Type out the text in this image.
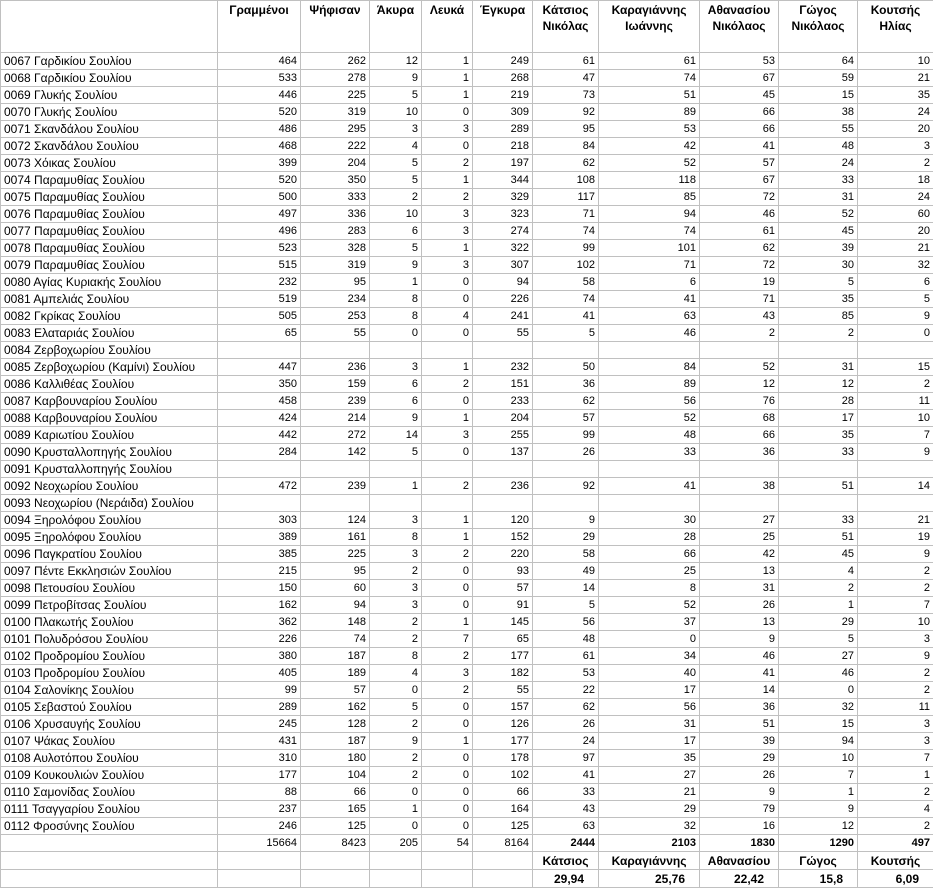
	Γραμμένοι	Ψήφισαν	Άκυρα	Λευκά	Έγκυρα	Κάτσιος Νικόλας	Καραγιάννης Ιωάννης	Αθανασίου Νικόλαος	Γώγος Νικόλαος	Κουτσής Ηλίας
0067 Γαρδικίου Σουλίου	464	262	12	1	249	61	61	53	64	10
0068 Γαρδικίου Σουλίου	533	278	9	1	268	47	74	67	59	21
0069 Γλυκής Σουλίου	446	225	5	1	219	73	51	45	15	35
0070 Γλυκής Σουλίου	520	319	10	0	309	92	89	66	38	24
0071 Σκανδάλου Σουλίου	486	295	3	3	289	95	53	66	55	20
0072 Σκανδάλου Σουλίου	468	222	4	0	218	84	42	41	48	3
0073 Χόικας Σουλίου	399	204	5	2	197	62	52	57	24	2
0074 Παραμυθίας Σουλίου	520	350	5	1	344	108	118	67	33	18
0075 Παραμυθίας Σουλίου	500	333	2	2	329	117	85	72	31	24
0076 Παραμυθίας Σουλίου	497	336	10	3	323	71	94	46	52	60
0077 Παραμυθίας Σουλίου	496	283	6	3	274	74	74	61	45	20
0078 Παραμυθίας Σουλίου	523	328	5	1	322	99	101	62	39	21
0079 Παραμυθίας Σουλίου	515	319	9	3	307	102	71	72	30	32
0080 Αγίας Κυριακής Σουλίου	232	95	1	0	94	58	6	19	5	6
0081 Αμπελιάς Σουλίου	519	234	8	0	226	74	41	71	35	5
0082 Γκρίκας Σουλίου	505	253	8	4	241	41	63	43	85	9
0083 Ελαταριάς Σουλίου	65	55	0	0	55	5	46	2	2	0
0084 Ζερβοχωρίου Σουλίου										
0085 Ζερβοχωρίου (Καμίνι) Σουλίου	447	236	3	1	232	50	84	52	31	15
0086 Καλλιθέας Σουλίου	350	159	6	2	151	36	89	12	12	2
0087 Καρβουναρίου Σουλίου	458	239	6	0	233	62	56	76	28	11
0088 Καρβουναρίου Σουλίου	424	214	9	1	204	57	52	68	17	10
0089 Καριωτίου Σουλίου	442	272	14	3	255	99	48	66	35	7
0090 Κρυσταλλοπηγής Σουλίου	284	142	5	0	137	26	33	36	33	9
0091 Κρυσταλλοπηγής Σουλίου										
0092 Νεοχωρίου Σουλίου	472	239	1	2	236	92	41	38	51	14
0093 Νεοχωρίου (Νεράιδα) Σουλίου										
0094 Ξηρολόφου Σουλίου	303	124	3	1	120	9	30	27	33	21
0095 Ξηρολόφου Σουλίου	389	161	8	1	152	29	28	25	51	19
0096 Παγκρατίου Σουλίου	385	225	3	2	220	58	66	42	45	9
0097 Πέντε Εκκλησιών Σουλίου	215	95	2	0	93	49	25	13	4	2
0098 Πετουσίου Σουλίου	150	60	3	0	57	14	8	31	2	2
0099 Πετροβίτσας Σουλίου	162	94	3	0	91	5	52	26	1	7
0100 Πλακωτής Σουλίου	362	148	2	1	145	56	37	13	29	10
0101 Πολυδρόσου Σουλίου	226	74	2	7	65	48	0	9	5	3
0102 Προδρομίου Σουλίου	380	187	8	2	177	61	34	46	27	9
0103 Προδρομίου Σουλίου	405	189	4	3	182	53	40	41	46	2
0104 Σαλονίκης Σουλίου	99	57	0	2	55	22	17	14	0	2
0105 Σεβαστού Σουλίου	289	162	5	0	157	62	56	36	32	11
0106 Χρυσαυγής Σουλίου	245	128	2	0	126	26	31	51	15	3
0107 Ψάκας Σουλίου	431	187	9	1	177	24	17	39	94	3
0108 Αυλοτόπου Σουλίου	310	180	2	0	178	97	35	29	10	7
0109 Κουκουλιών Σουλίου	177	104	2	0	102	41	27	26	7	1
0110 Σαμονίδας Σουλίου	88	66	0	0	66	33	21	9	1	2
0111 Τσαγγαρίου Σουλίου	237	165	1	0	164	43	29	79	9	4
0112 Φροσύνης Σουλίου	246	125	0	0	125	63	32	16	12	2
	15664	8423	205	54	8164	2444	2103	1830	1290	497
						Κάτσιος	Καραγιάννης	Αθανασίου	Γώγος	Κουτσής
						29,94	25,76	22,42	15,8	6,09
